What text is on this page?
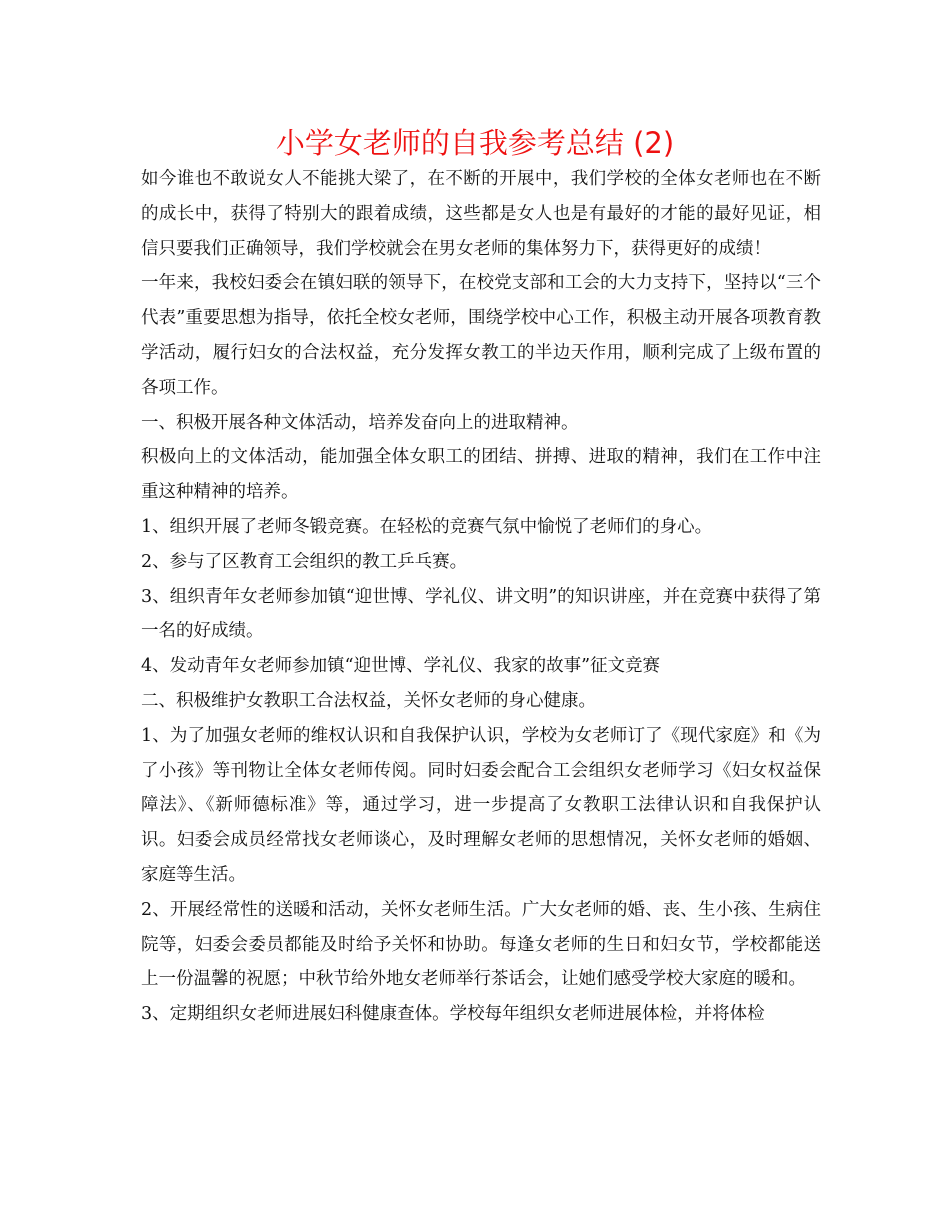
小学女老师的自我参考总结 (2)

如今谁也不敢说女人不能挑大梁了，在不断的开展中，我们学校的全体女老师也在不断的成长中，获得了特别大的跟着成绩，这些都是女人也是有最好的才能的最好见证，相信只要我们正确领导，我们学校就会在男女老师的集体努力下，获得更好的成绩！

一年来，我校妇委会在镇妇联的领导下，在校党支部和工会的大力支持下，坚持以“三个代表”重要思想为指导，依托全校女老师，围绕学校中心工作，积极主动开展各项教育教学活动，履行妇女的合法权益，充分发挥女教工的半边天作用，顺利完成了上级布置的各项工作。

一、积极开展各种文体活动，培养发奋向上的进取精神。

积极向上的文体活动，能加强全体女职工的团结、拼搏、进取的精神，我们在工作中注重这种精神的培养。

1、组织开展了老师冬锻竞赛。在轻松的竞赛气氛中愉悦了老师们的身心。

2、参与了区教育工会组织的教工乒乓赛。

3、组织青年女老师参加镇“迎世博、学礼仪、讲文明”的知识讲座，并在竞赛中获得了第一名的好成绩。

4、发动青年女老师参加镇“迎世博、学礼仪、我家的故事”征文竞赛

二、积极维护女教职工合法权益，关怀女老师的身心健康。

1、为了加强女老师的维权认识和自我保护认识，学校为女老师订了《现代家庭》和《为了小孩》等刊物让全体女老师传阅。同时妇委会配合工会组织女老师学习《妇女权益保障法》、《新师德标准》等，通过学习，进一步提高了女教职工法律认识和自我保护认识。妇委会成员经常找女老师谈心，及时理解女老师的思想情况，关怀女老师的婚姻、家庭等生活。

2、开展经常性的送暖和活动，关怀女老师生活。广大女老师的婚、丧、生小孩、生病住院等，妇委会委员都能及时给予关怀和协助。每逢女老师的生日和妇女节，学校都能送上一份温馨的祝愿；中秋节给外地女老师举行茶话会，让她们感受学校大家庭的暖和。

3、定期组织女老师进展妇科健康查体。学校每年组织女老师进展体检，并将体检
